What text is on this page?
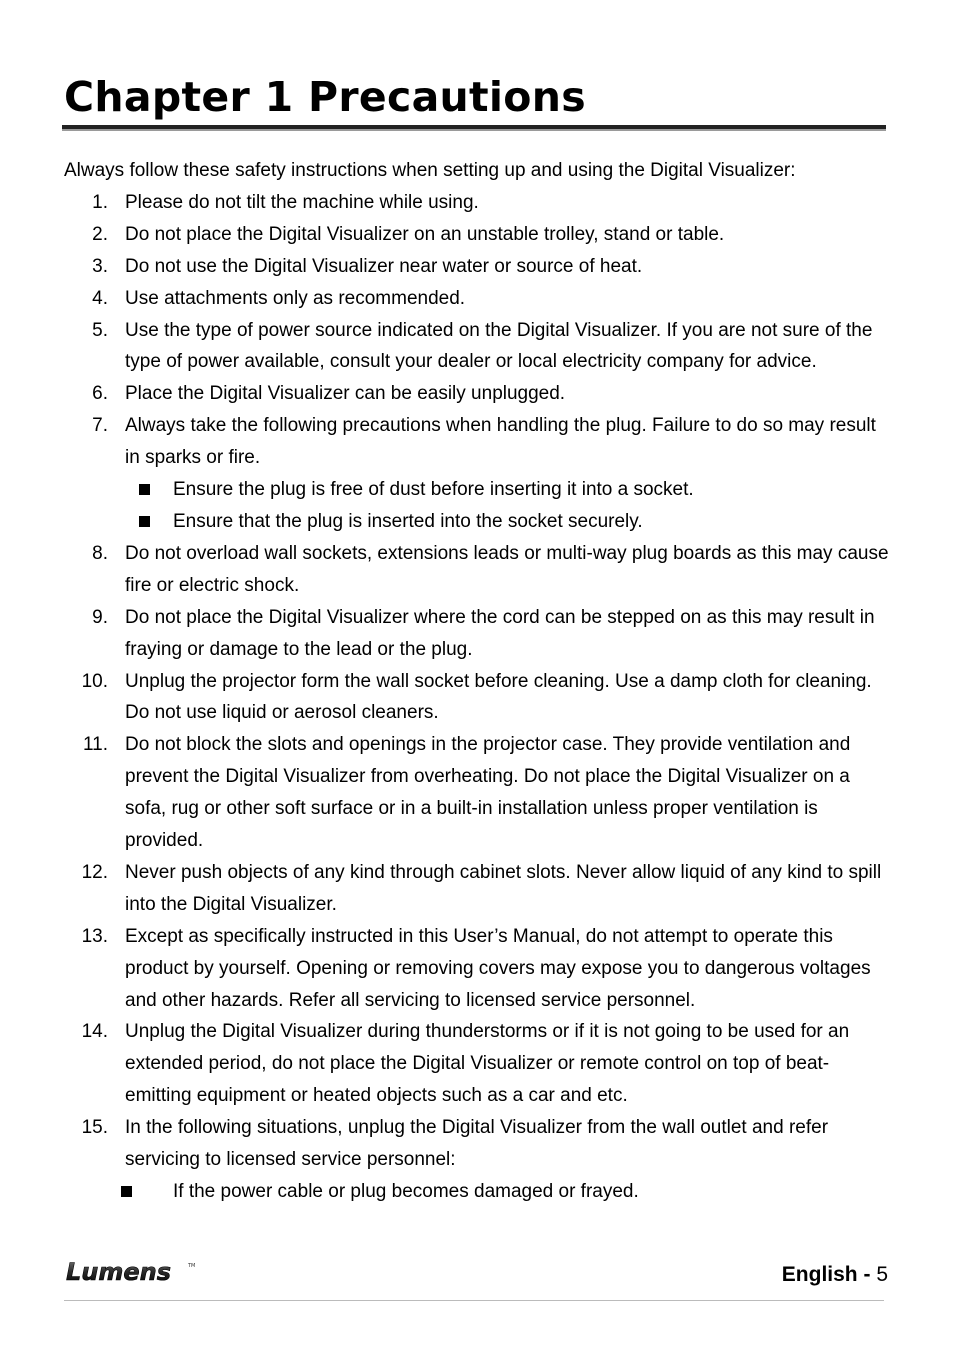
Chapter 1 Precautions

Always follow these safety instructions when setting up and using the Digital Visualizer:

1. Please do not tilt the machine while using.
2. Do not place the Digital Visualizer on an unstable trolley, stand or table.
3. Do not use the Digital Visualizer near water or source of heat.
4. Use attachments only as recommended.
5. Use the type of power source indicated on the Digital Visualizer. If you are not sure of the type of power available, consult your dealer or local electricity company for advice.
6. Place the Digital Visualizer can be easily unplugged.
7. Always take the following precautions when handling the plug. Failure to do so may result in sparks or fire.
Ensure the plug is free of dust before inserting it into a socket.
Ensure that the plug is inserted into the socket securely.
8. Do not overload wall sockets, extensions leads or multi-way plug boards as this may cause fire or electric shock.
9. Do not place the Digital Visualizer where the cord can be stepped on as this may result in fraying or damage to the lead or the plug.
10. Unplug the projector form the wall socket before cleaning. Use a damp cloth for cleaning. Do not use liquid or aerosol cleaners.
11. Do not block the slots and openings in the projector case. They provide ventilation and prevent the Digital Visualizer from overheating. Do not place the Digital Visualizer on a sofa, rug or other soft surface or in a built-in installation unless proper ventilation is provided.
12. Never push objects of any kind through cabinet slots. Never allow liquid of any kind to spill into the Digital Visualizer.
13. Except as specifically instructed in this User’s Manual, do not attempt to operate this product by yourself. Opening or removing covers may expose you to dangerous voltages and other hazards. Refer all servicing to licensed service personnel.
14. Unplug the Digital Visualizer during thunderstorms or if it is not going to be used for an extended period, do not place the Digital Visualizer or remote control on top of beat-emitting equipment or heated objects such as a car and etc.
15. In the following situations, unplug the Digital Visualizer from the wall outlet and refer servicing to licensed service personnel:
If the power cable or plug becomes damaged or frayed.
Lumens	TM	English - 5
